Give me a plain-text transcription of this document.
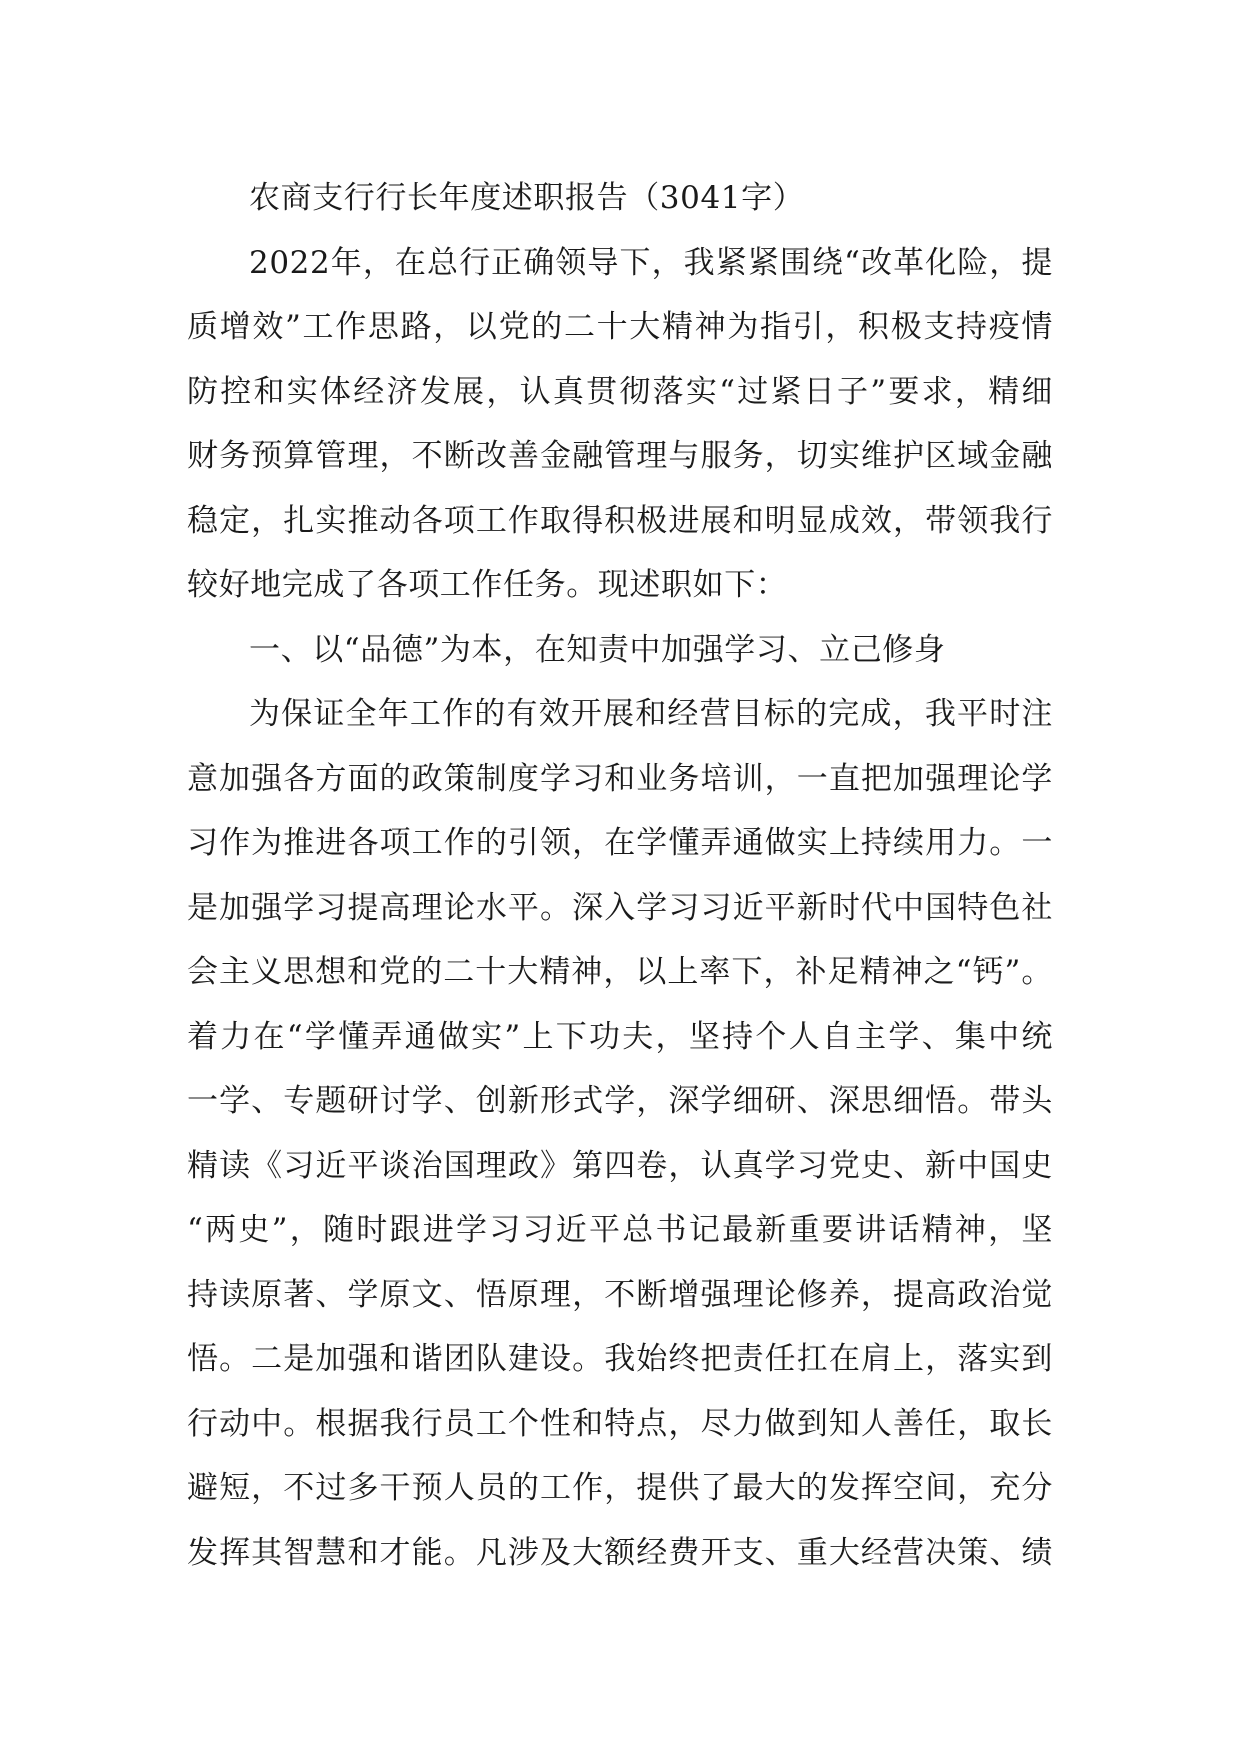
农商支行行长年度述职报告（3041字）
2022年，在总行正确领导下，我紧紧围绕“改革化险，提
质增效”工作思路，以党的二十大精神为指引，积极支持疫情
防控和实体经济发展，认真贯彻落实“过紧日子”要求，精细
财务预算管理，不断改善金融管理与服务，切实维护区域金融
稳定，扎实推动各项工作取得积极进展和明显成效，带领我行
较好地完成了各项工作任务。现述职如下：
一、以“品德”为本，在知责中加强学习、立己修身
为保证全年工作的有效开展和经营目标的完成，我平时注
意加强各方面的政策制度学习和业务培训，一直把加强理论学
习作为推进各项工作的引领，在学懂弄通做实上持续用力。一
是加强学习提高理论水平。深入学习习近平新时代中国特色社
会主义思想和党的二十大精神，以上率下，补足精神之“钙”。
着力在“学懂弄通做实”上下功夫，坚持个人自主学、集中统
一学、专题研讨学、创新形式学，深学细研、深思细悟。带头
精读《习近平谈治国理政》第四卷，认真学习党史、新中国史
“两史”，随时跟进学习习近平总书记最新重要讲话精神，坚
持读原著、学原文、悟原理，不断增强理论修养，提高政治觉
悟。二是加强和谐团队建设。我始终把责任扛在肩上，落实到
行动中。根据我行员工个性和特点，尽力做到知人善任，取长
避短，不过多干预人员的工作，提供了最大的发挥空间，充分
发挥其智慧和才能。凡涉及大额经费开支、重大经营决策、绩
